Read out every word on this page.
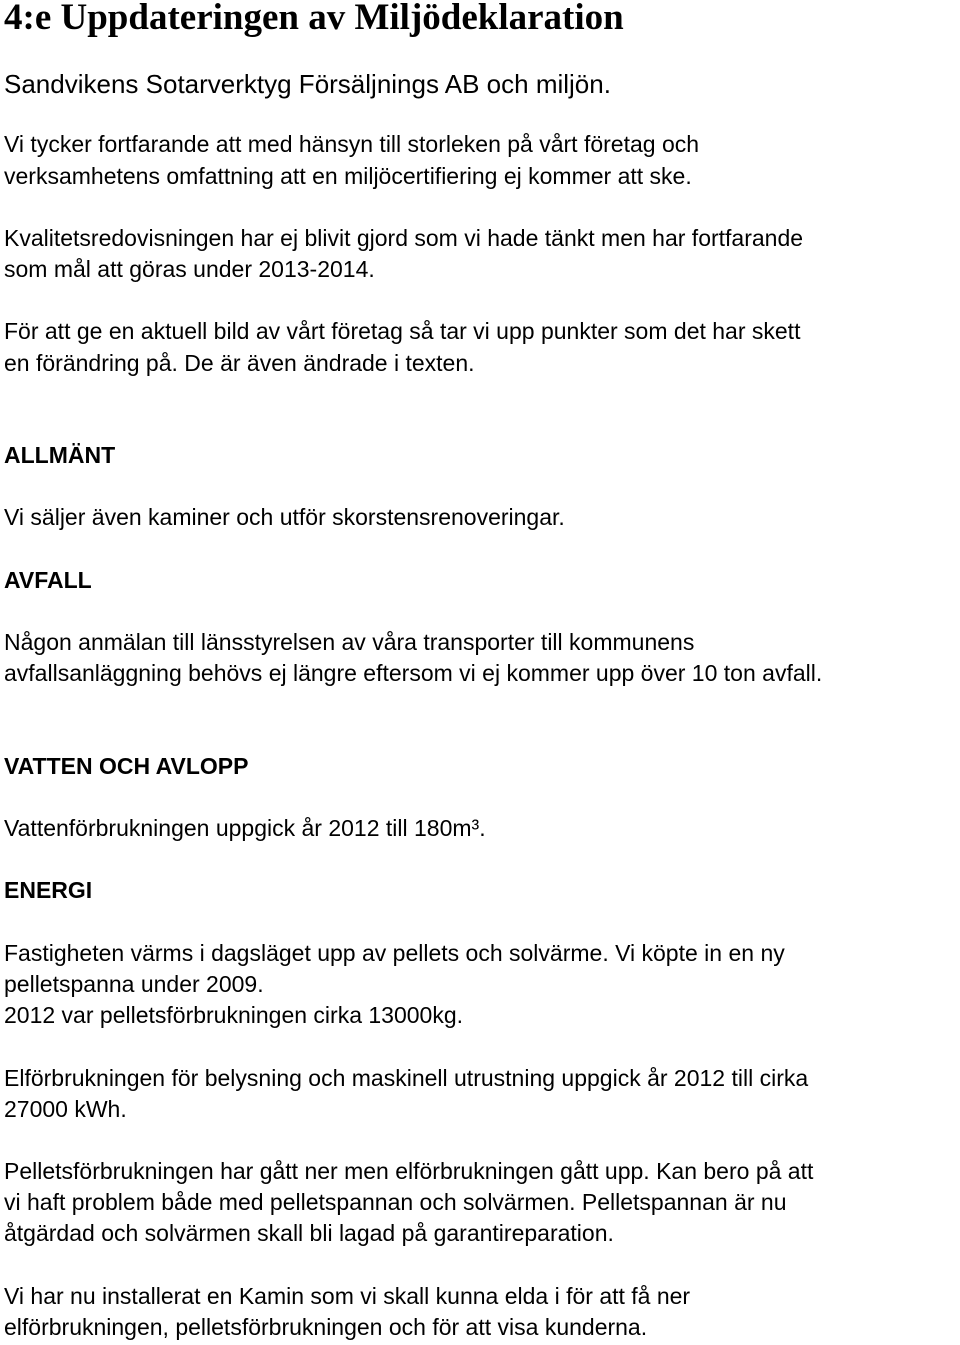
4:e Uppdateringen av Miljödeklaration

Sandvikens Sotarverktyg Försäljnings AB och miljön.

Vi tycker fortfarande att med hänsyn till storleken på vårt företag och

verksamhetens omfattning att en miljöcertifiering ej kommer att ske.

Kvalitetsredovisningen har ej blivit gjord som vi hade tänkt men har fortfarande

som mål att göras under 2013-2014.

För att ge en aktuell bild av vårt företag så tar vi upp punkter som det har skett

en förändring på. De är även ändrade i texten.

ALLMÄNT

Vi säljer även kaminer och utför skorstensrenoveringar.

AVFALL

Någon anmälan till länsstyrelsen av våra transporter till kommunens

avfallsanläggning behövs ej längre eftersom vi ej kommer upp över 10 ton avfall.

VATTEN OCH AVLOPP

Vattenförbrukningen uppgick år 2012 till 180m³.

ENERGI

Fastigheten värms i dagsläget upp av pellets och solvärme. Vi köpte in en ny

pelletspanna under 2009.

2012 var pelletsförbrukningen cirka 13000kg.

Elförbrukningen för belysning och maskinell utrustning uppgick år 2012 till cirka

27000 kWh.

Pelletsförbrukningen har gått ner men elförbrukningen gått upp. Kan bero på att

vi haft problem både med pelletspannan och solvärmen. Pelletspannan är nu

åtgärdad och solvärmen skall bli lagad på garantireparation.

Vi har nu installerat en Kamin som vi skall kunna elda i för att få ner

elförbrukningen, pelletsförbrukningen och för att visa kunderna.
